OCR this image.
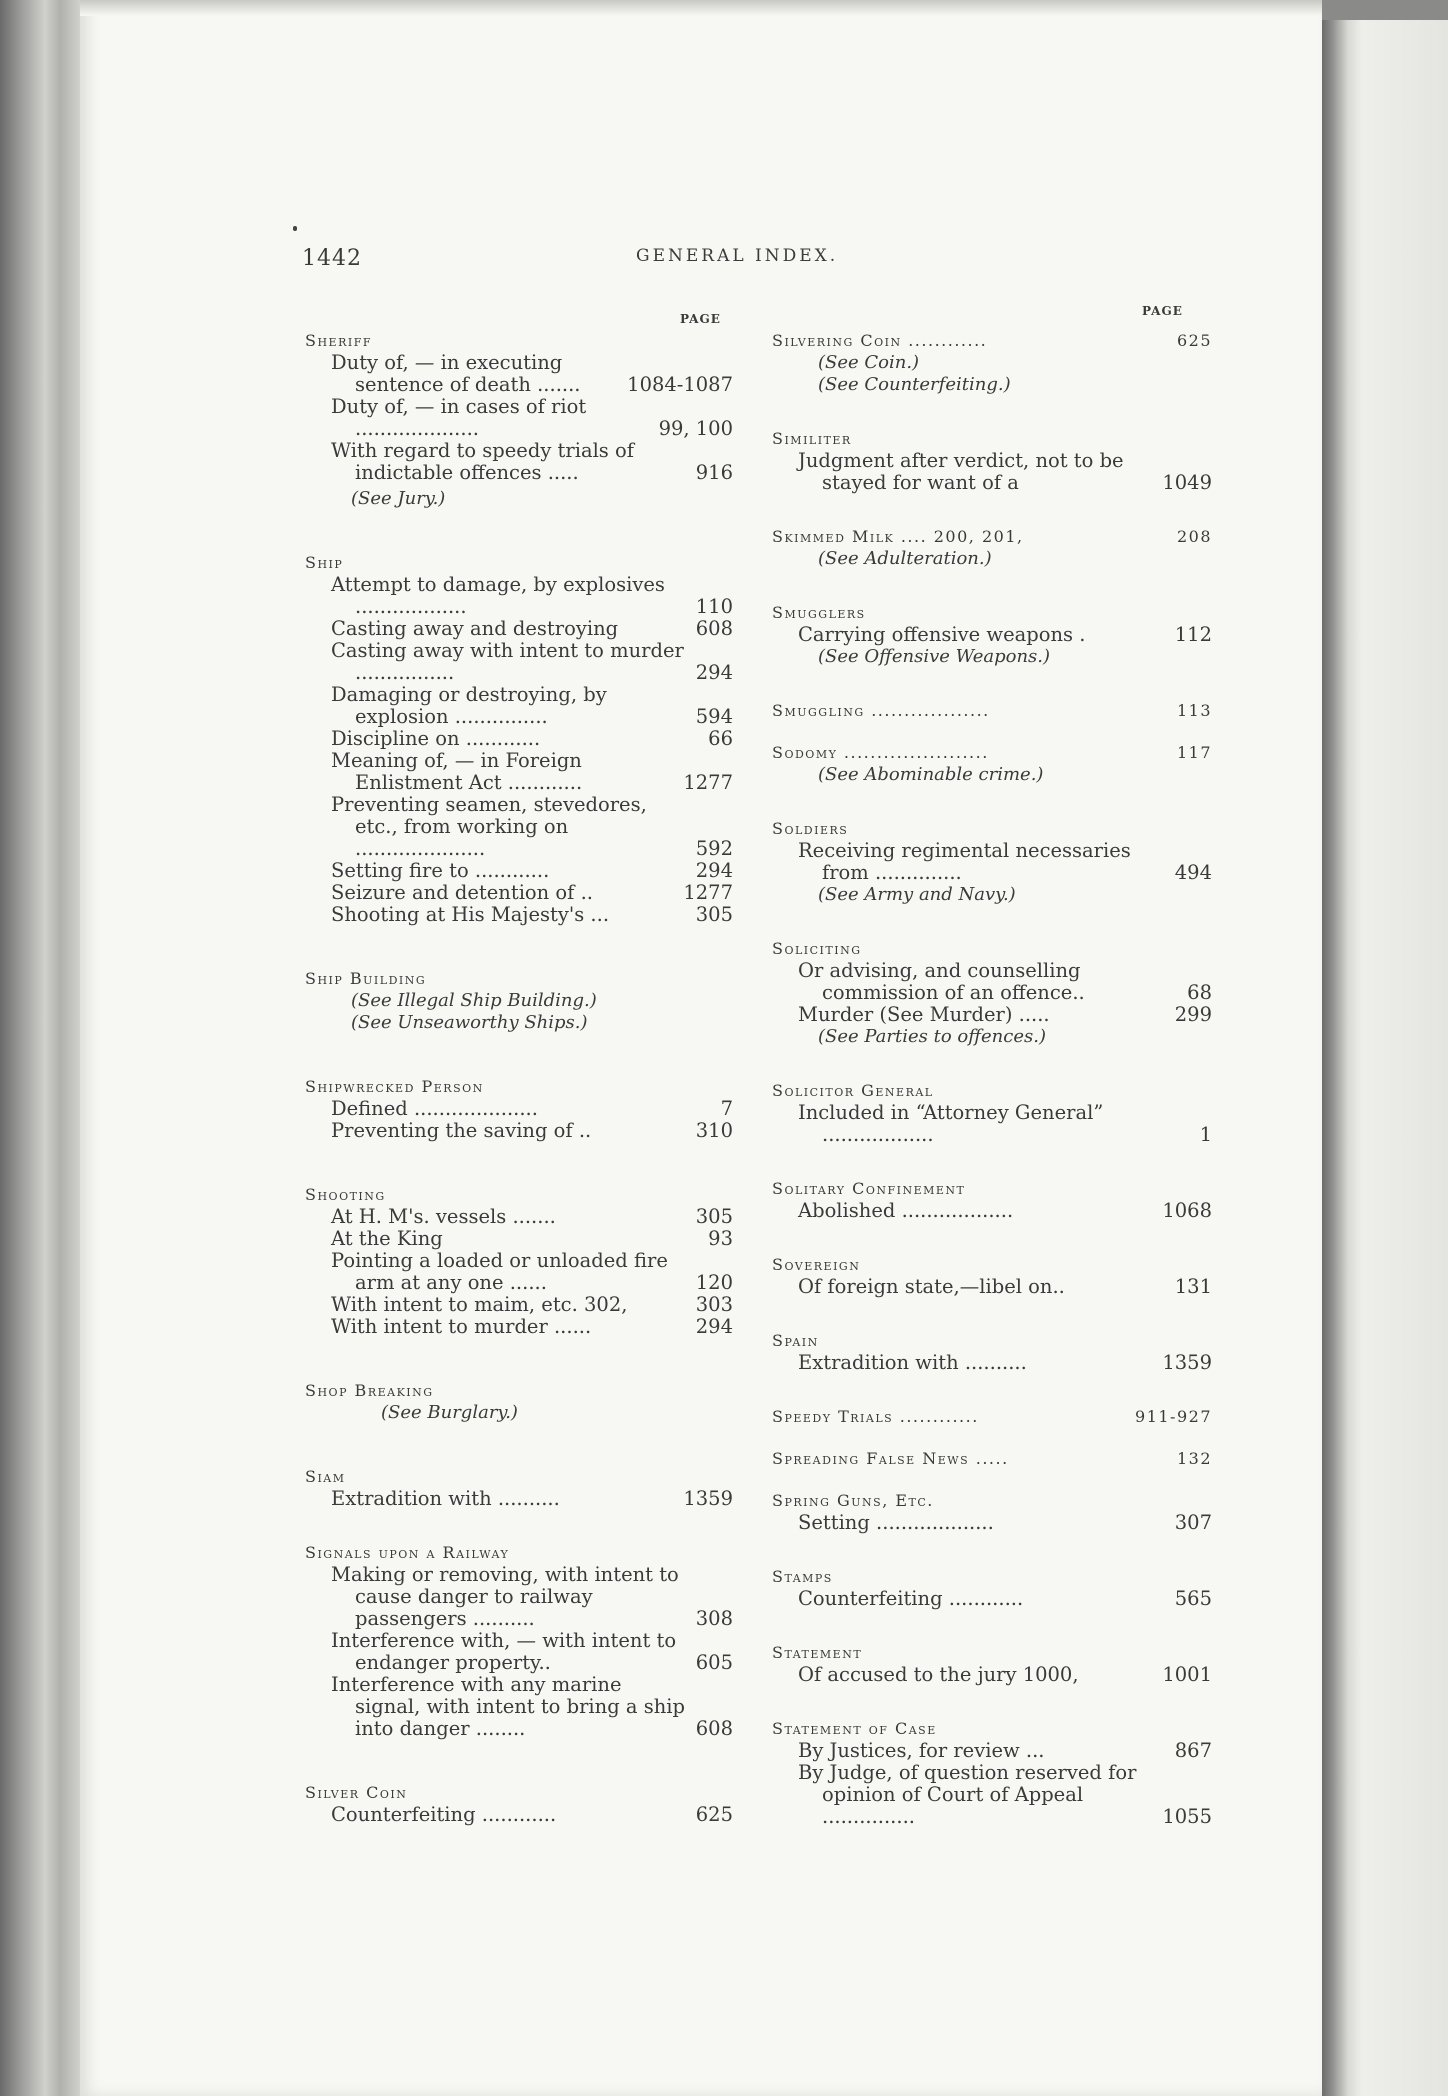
1442	GENERAL INDEX.
PAGE
PAGE
Sheriff
Duty of, — in executing sentence of death .......	1084-1087
Duty of, — in cases of riot ....................	99, 100
With regard to speedy trials of indictable offences .....	916
(See Jury.)
Ship
Attempt to damage, by explosives ..................	110
Casting away and destroying	608
Casting away with intent to murder ................	294
Damaging or destroying, by explosion ...............	594
Discipline on ............	66
Meaning of, — in Foreign Enlistment Act ............	1277
Preventing seamen, stevedores, etc., from working on .....................	592
Setting fire to ............	294
Seizure and detention of ..	1277
Shooting at His Majesty's ...	305
Ship Building
(See Illegal Ship Building.)
(See Unseaworthy Ships.)
Shipwrecked Person
Defined ....................	7
Preventing the saving of ..	310
Shooting
At H. M's. vessels .......	305
At the King	93
Pointing a loaded or unloaded fire arm at any one ......	120
With intent to maim, etc. 302,	303
With intent to murder ......	294
Shop Breaking
(See Burglary.)
Siam
Extradition with ..........	1359
Signals upon a Railway
Making or removing, with intent to cause danger to railway passengers ..........	308
Interference with, — with intent to endanger property..	605
Interference with any marine signal, with intent to bring a ship into danger ........	608
Silver Coin
Counterfeiting ............	625
Silvering Coin ............	625
(See Coin.)
(See Counterfeiting.)
Similiter
Judgment after verdict, not to be stayed for want of a	1049
Skimmed Milk .... 200, 201,	208
(See Adulteration.)
Smugglers
Carrying offensive weapons .	112
(See Offensive Weapons.)
Smuggling ..................	113
Sodomy ......................	117
(See Abominable crime.)
Soldiers
Receiving regimental necessaries from ..............	494
(See Army and Navy.)
Soliciting
Or advising, and counselling commission of an offence..	68
Murder (See Murder) .....	299
(See Parties to offences.)
Solicitor General
Included in “Attorney General” ..................	1
Solitary Confinement
Abolished ..................	1068
Sovereign
Of foreign state,—libel on..	131
Spain
Extradition with ..........	1359
Speedy Trials ............	911-927
Spreading False News .....	132
Spring Guns, Etc.
Setting ...................	307
Stamps
Counterfeiting ............	565
Statement
Of accused to the jury 1000,	1001
Statement of Case
By Justices, for review ...	867
By Judge, of question reserved for opinion of Court of Appeal ...............	1055
